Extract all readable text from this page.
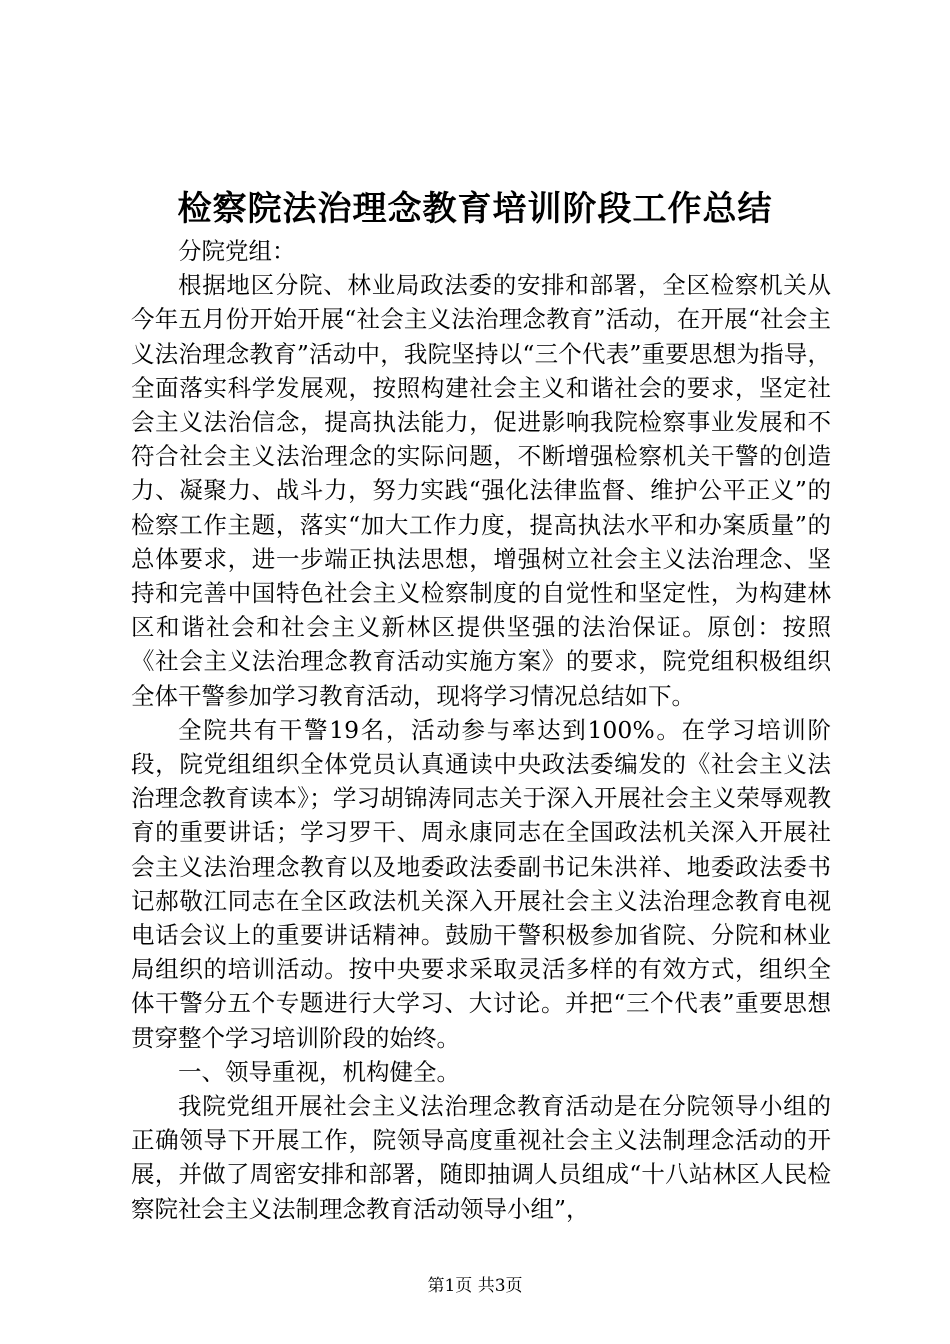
检察院法治理念教育培训阶段工作总结

分院党组：

根据地区分院、林业局政法委的安排和部署，全区检察机关从今年五月份开始开展“社会主义法治理念教育”活动，在开展“社会主义法治理念教育”活动中，我院坚持以“三个代表”重要思想为指导，全面落实科学发展观，按照构建社会主义和谐社会的要求，坚定社会主义法治信念，提高执法能力，促进影响我院检察事业发展和不符合社会主义法治理念的实际问题，不断增强检察机关干警的创造力、凝聚力、战斗力，努力实践“强化法律监督、维护公平正义”的检察工作主题，落实“加大工作力度，提高执法水平和办案质量”的总体要求，进一步端正执法思想，增强树立社会主义法治理念、坚持和完善中国特色社会主义检察制度的自觉性和坚定性，为构建林区和谐社会和社会主义新林区提供坚强的法治保证。原创：按照《社会主义法治理念教育活动实施方案》的要求，院党组积极组织全体干警参加学习教育活动，现将学习情况总结如下。

全院共有干警19名，活动参与率达到100%。在学习培训阶段，院党组组织全体党员认真通读中央政法委编发的《社会主义法治理念教育读本》；学习胡锦涛同志关于深入开展社会主义荣辱观教育的重要讲话；学习罗干、周永康同志在全国政法机关深入开展社会主义法治理念教育以及地委政法委副书记朱洪祥、地委政法委书记郝敬江同志在全区政法机关深入开展社会主义法治理念教育电视电话会议上的重要讲话精神。鼓励干警积极参加省院、分院和林业局组织的培训活动。按中央要求采取灵活多样的有效方式，组织全体干警分五个专题进行大学习、大讨论。并把“三个代表”重要思想贯穿整个学习培训阶段的始终。

一、领导重视，机构健全。

我院党组开展社会主义法治理念教育活动是在分院领导小组的正确领导下开展工作，院领导高度重视社会主义法制理念活动的开展，并做了周密安排和部署，随即抽调人员组成“十八站林区人民检察院社会主义法制理念教育活动领导小组”，

第1页 共3页
